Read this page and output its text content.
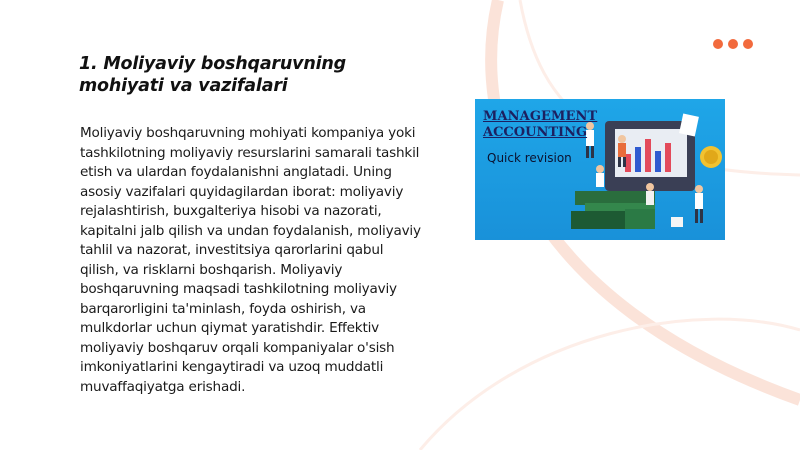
1. Moliyaviy boshqaruvning mohiyati va vazifalari

Moliyaviy boshqaruvning mohiyati kompaniya yoki tashkilotning moliyaviy resurslarini samarali tashkil etish va ulardan foydalanishni anglatadi. Uning asosiy vazifalari quyidagilardan iborat: moliyaviy rejalashtirish, buxgalteriya hisobi va nazorati, kapitalni jalb qilish va undan foydalanish, moliyaviy tahlil va nazorat, investitsiya qarorlarini qabul qilish, va risklarni boshqarish. Moliyaviy boshqaruvning maqsadi tashkilotning moliyaviy barqarorligini ta'minlash, foyda oshirish, va mulkdorlar uchun qiymat yaratishdir. Effektiv moliyaviy boshqaruv orqali kompaniyalar o'sish imkoniyatlarini kengaytiradi va uzoq muddatli muvaffaqiyatga erishadi.

MANAGEMENT
ACCOUNTING
Quick revision
